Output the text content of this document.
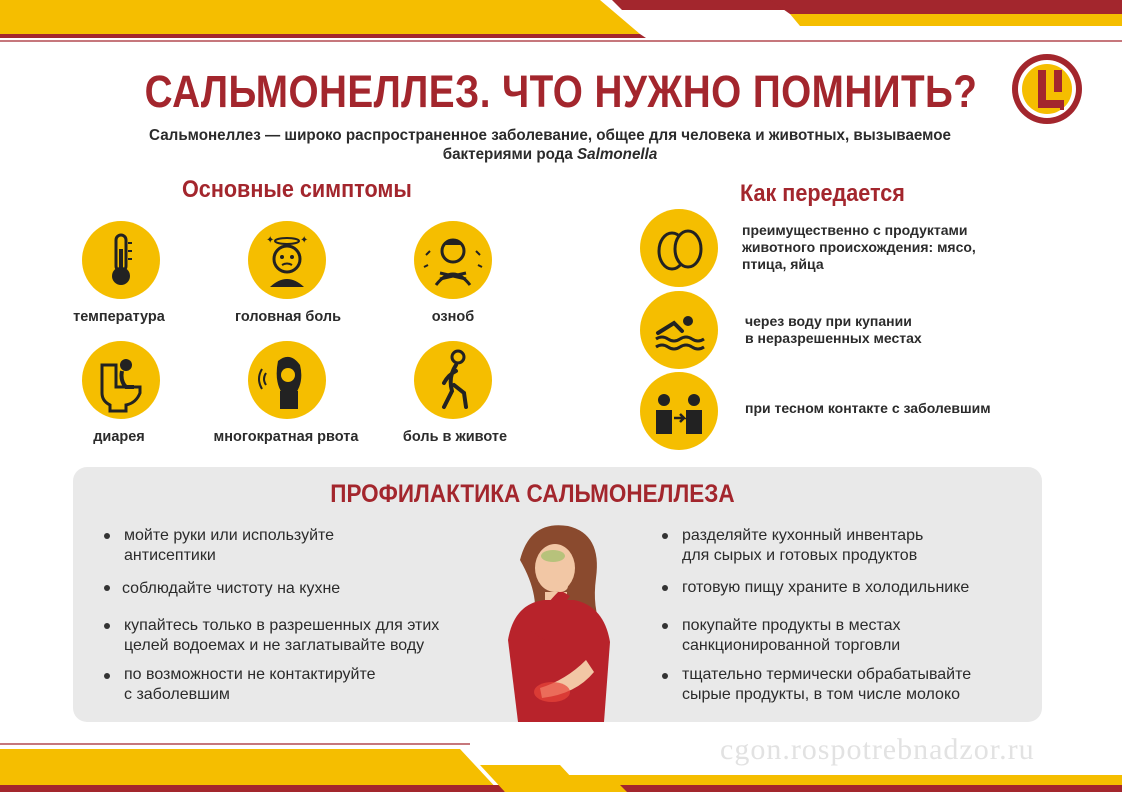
САЛЬМОНЕЛЛЕЗ. ЧТО НУЖНО ПОМНИТЬ?
Сальмонеллез — широко распространенное заболевание, общее для человека и животных, вызываемое
бактериями рода Salmonella
Основные симптомы
✦	✦
температура	головная боль	озноб
диарея	многократная рвота	боль в животе
Как передается
преимущественно с продуктами
животного происхождения: мясо,
птица, яйца
через воду при купании
в неразрешенных местах
при тесном контакте с заболевшим
ПРОФИЛАКТИКА САЛЬМОНЕЛЛЕЗА
мойте руки или используйте
антисептики
соблюдайте чистоту на кухне
купайтесь только в разрешенных для этих
целей водоемах и не заглатывайте воду
по возможности не контактируйте
с заболевшим
разделяйте кухонный инвентарь
для сырых и готовых продуктов
готовую пищу храните в холодильнике
покупайте продукты в местах
санкционированной торговли
тщательно термически обрабатывайте
сырые продукты, в том числе молоко
cgon.rospotrebnadzor.ru
